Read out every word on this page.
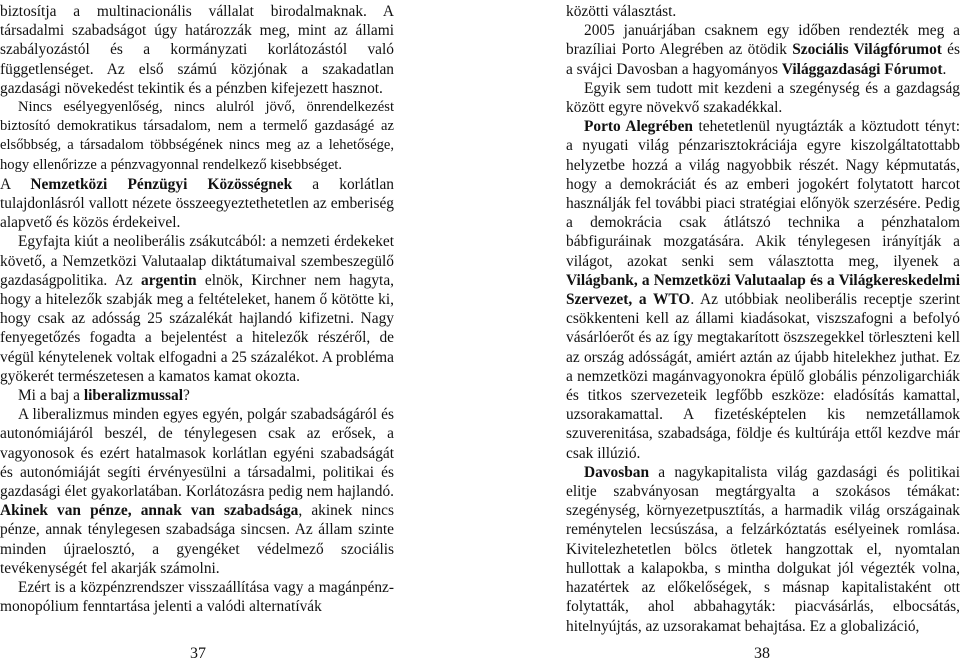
biztosítja a multinacionális vállalat birodalmaknak. A társadalmi szabadságot úgy határozzák meg, mint az állami szabályozástól és a kormányzati korlátozástól való függetlenséget. Az első számú közjónak a szakadatlan gazdasági növekedést tekintik és a pénzben kifejezett hasznot.

Nincs esélyegyenlőség, nincs alulról jövő, önrendelkezést biztosító demokratikus társadalom, nem a termelő gazdaságé az elsőbbség, a társadalom többségének nincs meg az a lehetősége, hogy ellenőrizze a pénzvagyonnal rendelkező kisebbséget.

A Nemzetközi Pénzügyi Közösségnek a korlátlan tulajdonlásról vallott nézete összeegyeztethetetlen az emberiség alapvető és közös érdekeivel.

Egyfajta kiút a neoliberális zsákutcából: a nemzeti érdekeket követő, a Nemzetközi Valutaalap diktátumaival szembeszegülő gazdaságpolitika. Az argentin elnök, Kirchner nem hagyta, hogy a hitelezők szabják meg a feltételeket, hanem ő kötötte ki, hogy csak az adósság 25 százalékát hajlandó kifizetni. Nagy fenyegetőzés fogadta a bejelentést a hitelezők részéről, de végül kénytelenek voltak elfogadni a 25 százalékot. A probléma gyökerét természetesen a kamatos kamat okozta.

Mi a baj a liberalizmussal?

A liberalizmus minden egyes egyén, polgár szabadságáról és autonómiájáról beszél, de ténylegesen csak az erősek, a vagyonosok és ezért hatalmasok korlátlan egyéni szabadságát és autonómiáját segíti érvényesülni a társadalmi, politikai és gazdasági élet gyakorlatában. Korlátozásra pedig nem hajlandó. Akinek van pénze, annak van szabadsága, akinek nincs pénze, annak ténylegesen szabadsága sincsen. Az állam szinte minden újraelosztó, a gyengéket védelmező szociális tevékenységét fel akarják számolni.

Ezért is a közpénzrendszer visszaállítása vagy a magánpénz-monopólium fenntartása jelenti a valódi alternatívák

37

közötti választást.

2005 januárjában csaknem egy időben rendezték meg a brazíliai Porto Alegrében az ötödik Szociális Világfórumot és a svájci Davosban a hagyományos Világgazdasági Fórumot.

Egyik sem tudott mit kezdeni a szegénység és a gazdagság között egyre növekvő szakadékkal.

Porto Alegrében tehetetlenül nyugtázták a köztudott tényt: a nyugati világ pénzarisztokráciája egyre kiszolgáltatottabb helyzetbe hozzá a világ nagyobbik részét. Nagy képmutatás, hogy a demokráciát és az emberi jogokért folytatott harcot használják fel további piaci stratégiai előnyök szerzésére. Pedig a demokrácia csak átlátszó technika a pénzhatalom bábfiguráinak mozgatására. Akik ténylegesen irányítják a világot, azokat senki sem választotta meg, ilyenek a Világbank, a Nemzetközi Valutaalap és a Világkereskedelmi Szervezet, a WTO. Az utóbbiak neoliberális receptje szerint csökkenteni kell az állami kiadásokat, viszszafogni a befolyó vásárlóerőt és az így megtakarított öszszegekkel törleszteni kell az ország adósságát, amiért aztán az újabb hitelekhez juthat. Ez a nemzetközi magánvagyonokra épülő globális pénzoligarchiák és titkos szervezeteik legfőbb eszköze: eladósítás kamattal, uzsorakamattal. A fizetésképtelen kis nemzetállamok szuverenitása, szabadsága, földje és kultúrája ettől kezdve már csak illúzió.

Davosban a nagykapitalista világ gazdasági és politikai elitje szabványosan megtárgyalta a szokásos témákat: szegénység, környezetpusztítás, a harmadik világ országainak reménytelen lecsúszása, a felzárkóztatás esélyeinek romlása. Kivitelezhetetlen bölcs ötletek hangzottak el, nyomtalan hullottak a kalapokba, s mintha dolgukat jól végezték volna, hazatértek az előkelőségek, s másnap kapitalistaként ott folytatták, ahol abbahagyták: piacvásárlás, elbocsátás, hitelnyújtás, az uzsorakamat behajtása. Ez a globalizáció,

38
